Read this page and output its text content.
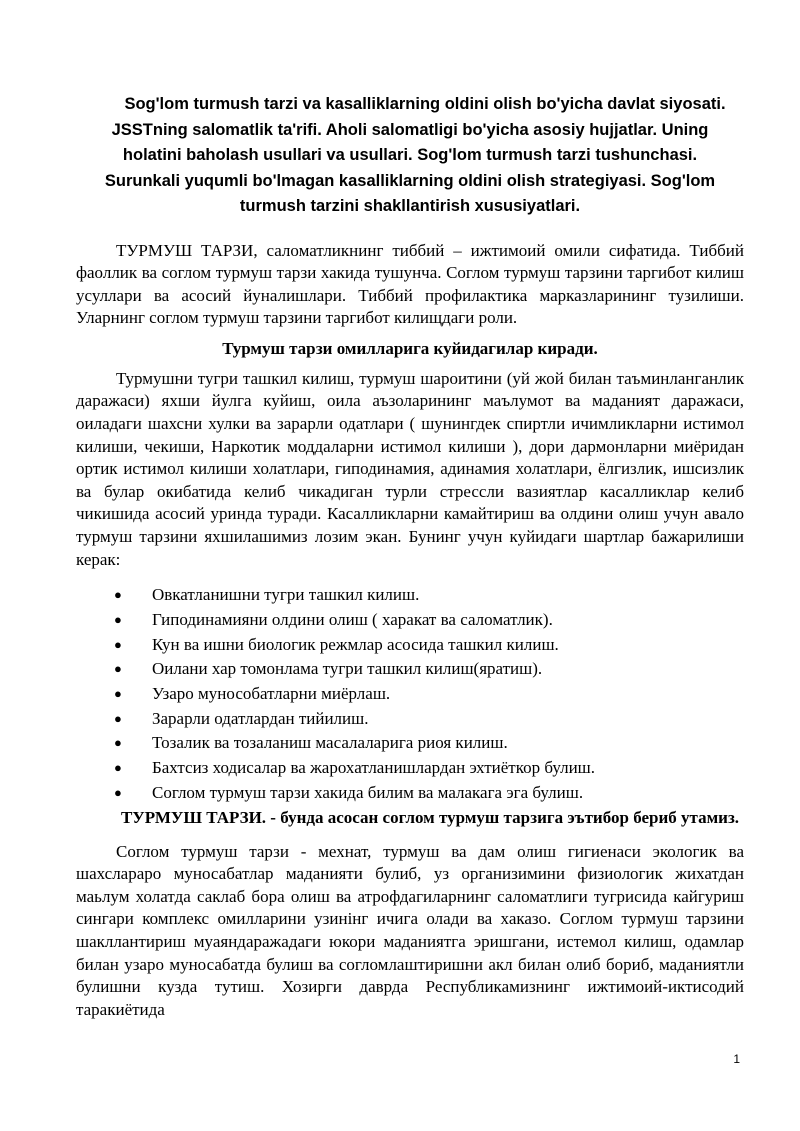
Sog'lom turmush tarzi va kasalliklarning oldini olish bo'yicha davlat siyosati. JSSTning salomatlik ta'rifi. Aholi salomatligi bo'yicha asosiy hujjatlar. Uning holatini baholash usullari va usullari. Sog'lom turmush tarzi tushunchasi. Surunkali yuqumli bo'lmagan kasalliklarning oldini olish strategiyasi. Sog'lom turmush tarzini shakllantirish xususiyatlari.

ТУРМУШ ТАРЗИ, саломатликнинг тиббий – ижтимоий омили сифатида. Тиббий фаоллик ва соглом турмуш тарзи хакида тушунча. Соглом турмуш тарзини таргибот килиш усуллари ва асосий йуналишлари. Тиббий профилактика марказларининг тузилиши. Уларнинг соглом турмуш тарзини таргибот килищдаги роли.

Турмуш тарзи омилларига куйидагилар киради.

Турмушни тугри ташкил килиш, турмуш шароитини (уй жой билан таъминланганлик даражаси) яхши йулга куйиш, оила аъзоларининг маълумот ва маданият даражаси, оиладаги шахсни хулки ва зарарли одатлари ( шунингдек спиртли ичимликларни истимол килиши, чекиши, Наркотик моддаларни истимол килиши ), дори дармонларни миёридан ортик истимол килиши холатлари, гиподинамия, адинамия холатлари, ёлгизлик, ишсизлик ва булар окибатида келиб чикадиган турли стрессли вазиятлар касалликлар келиб чикишида асосий уринда туради. Касалликларни камайтириш ва олдини олиш учун авало турмуш тарзини яхшилашимиз лозим экан. Бунинг учун куйидаги шартлар бажарилиши керак:

● Овкатланишни тугри ташкил килиш.
● Гиподинамияни олдини олиш ( харакат ва саломатлик).
● Кун ва ишни биологик режмлар асосида ташкил килиш.
● Оилани хар томонлама тугри ташкил килиш(яратиш).
● Узаро мунособатларни миёрлаш.
● Зарарли одатлардан тийилиш.
● Тозалик ва тозаланиш масалаларига риоя килиш.
● Бахтсиз ходисалар ва жарохатланишлардан эхтиёткор булиш.
● Соглом турмуш тарзи хакида билим ва малакага эга булиш.

ТУРМУШ ТАРЗИ. - бунда асосан соглом турмуш тарзига эътибор бериб утамиз.

Соглом турмуш тарзи - мехнат, турмуш ва дам олиш гигиенаси экологик ва шахслараро муносабатлар маданияти булиб, уз организимини физиологик жихатдан маьлум холатда саклаб бора олиш ва атрофдагиларнинг саломатлиги тугрисида кайгуриш сингари комплекс омилларини узинінг ичига олади ва хаказо. Соглом турмуш тарзини шакллантириш муаяндаражадаги юкори маданиятга эришгани, истемол килиш, одамлар билан узаро муносабатда булиш ва согломлаштиришни акл билан олиб бориб, маданиятли булишни кузда тутиш. Хозирги даврда Республикамизнинг ижтимоий-иктисодий таракиётида

1
